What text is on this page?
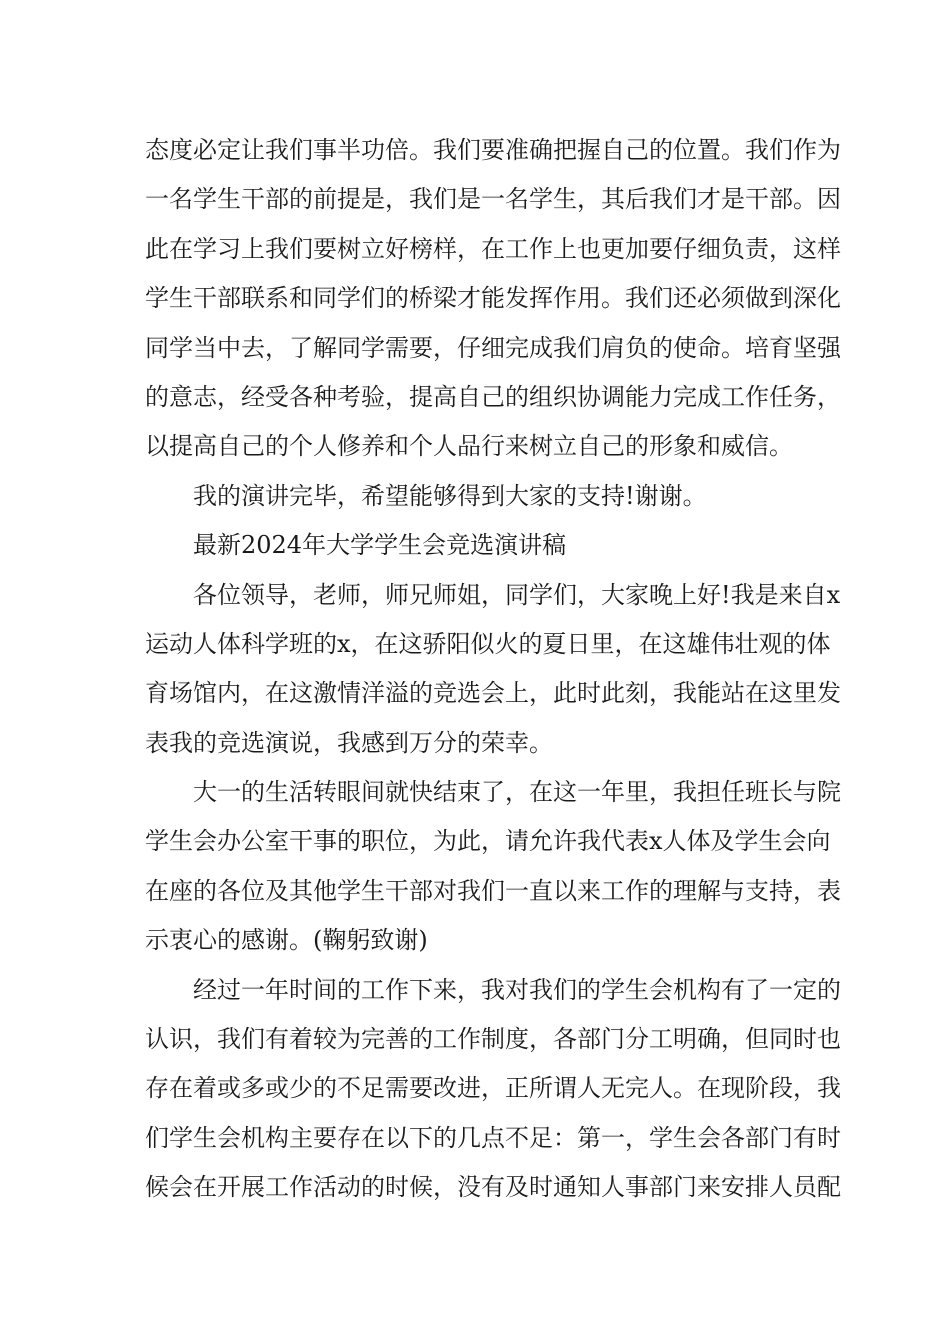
态度必定让我们事半功倍。我们要准确把握自己的位置。我们作为
一名学生干部的前提是，我们是一名学生，其后我们才是干部。因
此在学习上我们要树立好榜样，在工作上也更加要仔细负责，这样
学生干部联系和同学们的桥梁才能发挥作用。我们还必须做到深化
同学当中去，了解同学需要，仔细完成我们肩负的使命。培育坚强
的意志，经受各种考验，提高自己的组织协调能力完成工作任务，
以提高自己的个人修养和个人品行来树立自己的形象和威信。
我的演讲完毕，希望能够得到大家的支持!谢谢。
最新2024年大学学生会竞选演讲稿
各位领导，老师，师兄师姐，同学们，大家晚上好!我是来自x
运动人体科学班的x，在这骄阳似火的夏日里，在这雄伟壮观的体
育场馆内，在这激情洋溢的竞选会上，此时此刻，我能站在这里发
表我的竞选演说，我感到万分的荣幸。
大一的生活转眼间就快结束了，在这一年里，我担任班长与院
学生会办公室干事的职位，为此，请允许我代表x人体及学生会向
在座的各位及其他学生干部对我们一直以来工作的理解与支持，表
示衷心的感谢。(鞠躬致谢)
经过一年时间的工作下来，我对我们的学生会机构有了一定的
认识，我们有着较为完善的工作制度，各部门分工明确，但同时也
存在着或多或少的不足需要改进，正所谓人无完人。在现阶段，我
们学生会机构主要存在以下的几点不足：第一，学生会各部门有时
候会在开展工作活动的时候，没有及时通知人事部门来安排人员配
